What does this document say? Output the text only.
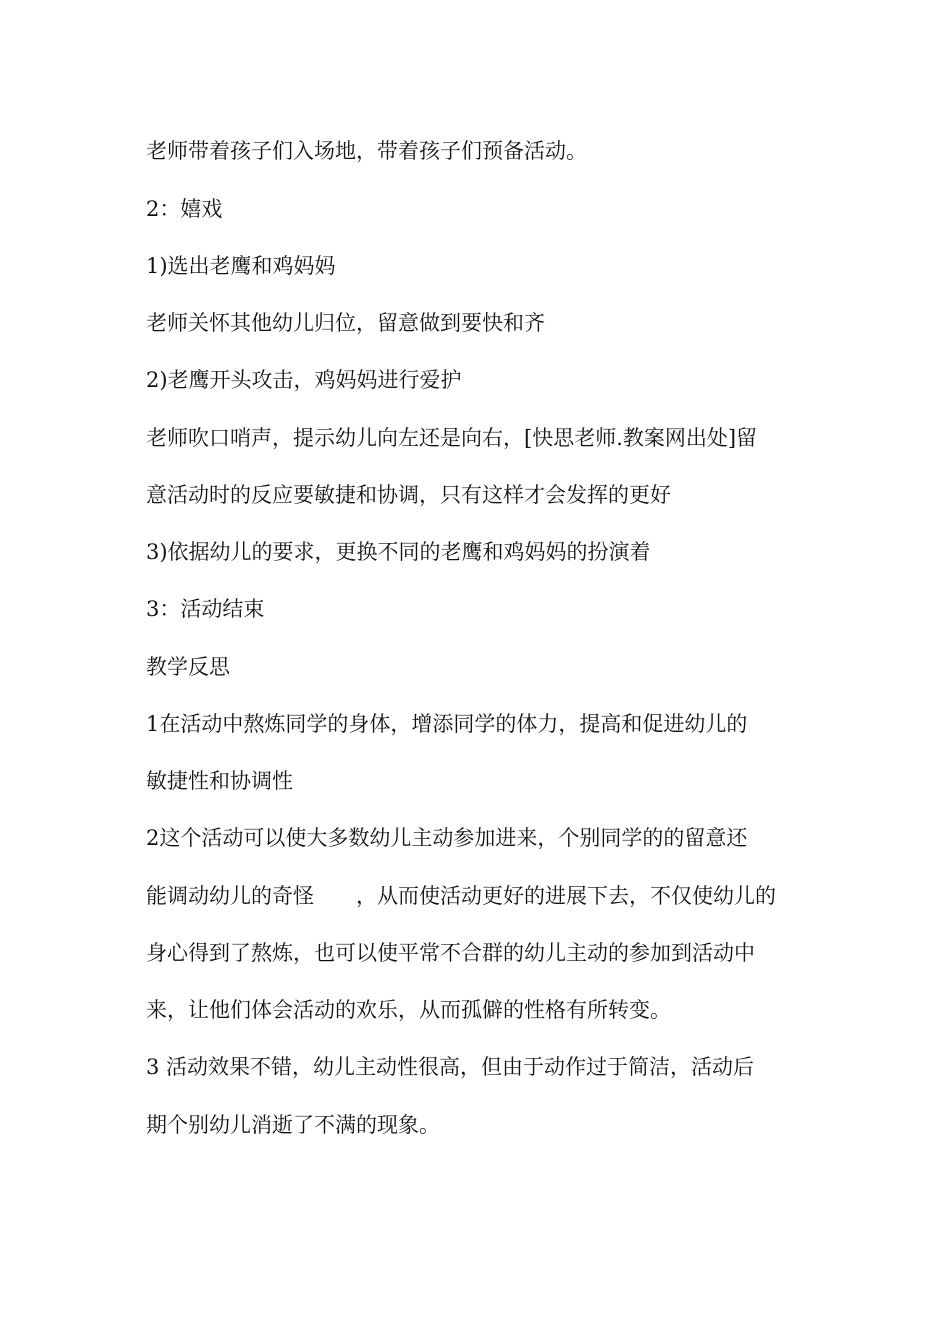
老师带着孩子们入场地，带着孩子们预备活动。
2：嬉戏
1)选出老鹰和鸡妈妈
老师关怀其他幼儿归位，留意做到要快和齐
2)老鹰开头攻击，鸡妈妈进行爱护
老师吹口哨声，提示幼儿向左还是向右，[快思老师.教案网出处]留
意活动时的反应要敏捷和协调，只有这样才会发挥的更好
3)依据幼儿的要求，更换不同的老鹰和鸡妈妈的扮演着
3：活动结束
教学反思
1在活动中熬炼同学的身体，增添同学的体力，提高和促进幼儿的
敏捷性和协调性
2这个活动可以使大多数幼儿主动参加进来，个别同学的的留意还
能调动幼儿的奇怪　　，从而使活动更好的进展下去，不仅使幼儿的
身心得到了熬炼，也可以使平常不合群的幼儿主动的参加到活动中
来，让他们体会活动的欢乐，从而孤僻的性格有所转变。
3 活动效果不错，幼儿主动性很高，但由于动作过于简洁，活动后
期个别幼儿消逝了不满的现象。
